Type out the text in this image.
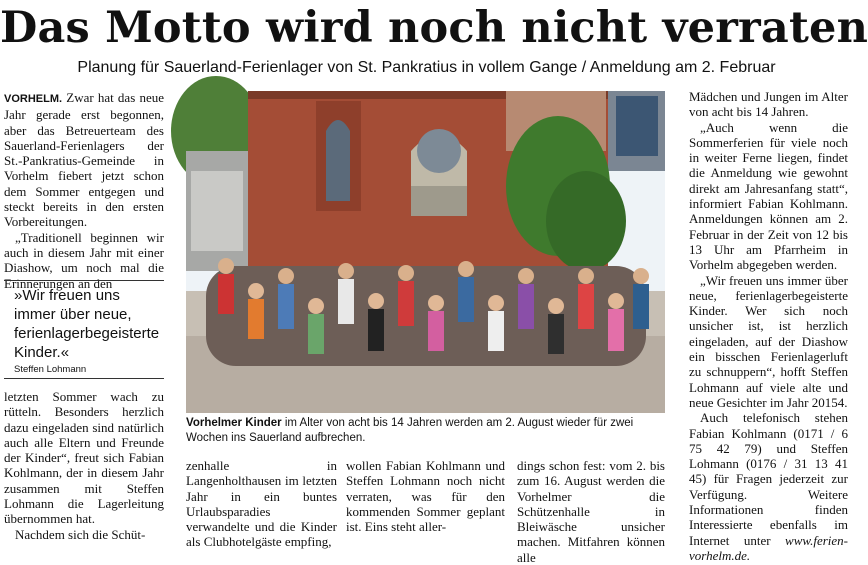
Das Motto wird noch nicht verraten
Planung für Sauerland-Ferienlager von St. Pankratius in vollem Gange / Anmeldung am 2. Februar

VORHELM. Zwar hat das neue Jahr gerade erst begonnen, aber das Betreuerteam des Sauerland-Ferienlagers der St.-Pankratius-Gemeinde in Vorhelm fiebert jetzt schon dem Sommer entgegen und steckt bereits in den ersten Vorbereitungen.

„Traditionell beginnen wir auch in diesem Jahr mit einer Diashow, um noch mal die Erinnerungen an den

»Wir freuen uns immer über neue, ferienlagerbegeisterte Kinder.«
Steffen Lohmann

letzten Sommer wach zu rütteln. Besonders herzlich dazu eingeladen sind natürlich auch alle Eltern und Freunde der Kinder“, freut sich Fabian Kohlmann, der in diesem Jahr zusammen mit Steffen Lohmann die Lagerleitung übernommen hat.

Nachdem sich die Schüt-

Vorhelmer Kinder im Alter von acht bis 14 Jahren werden am 2. August wieder für zwei Wochen ins Sauerland aufbrechen.

zenhalle in Langenholthausen im letzten Jahr in ein buntes Urlaubsparadies verwandelte und die Kinder als Clubhotelgäste empfing,

wollen Fabian Kohlmann und Steffen Lohmann noch nicht verraten, was für den kommenden Sommer geplant ist. Eins steht aller-

dings schon fest: vom 2. bis zum 16. August werden die Vorhelmer die Schützenhalle in Bleiwäsche unsicher machen. Mitfahren können alle

Mädchen und Jungen im Alter von acht bis 14 Jahren.

„Auch wenn die Sommerferien für viele noch in weiter Ferne liegen, findet die Anmeldung wie gewohnt direkt am Jahresanfang statt“, informiert Fabian Kohlmann. Anmeldungen können am 2. Februar in der Zeit von 12 bis 13 Uhr am Pfarrheim in Vorhelm abgegeben werden.

„Wir freuen uns immer über neue, ferienlagerbegeisterte Kinder. Wer sich noch unsicher ist, ist herzlich eingeladen, auf der Diashow ein bisschen Ferienlagerluft zu schnuppern“, hofft Steffen Lohmann auf viele alte und neue Gesichter im Jahr 20154.

Auch telefonisch stehen Fabian Kohlmann (0171 / 6 75 42 79) und Steffen Lohmann (0176 / 31 13 41 45) für Fragen jederzeit zur Verfügung. Weitere Informationen finden Interessierte ebenfalls im Internet unter www.ferien-vorhelm.de.
